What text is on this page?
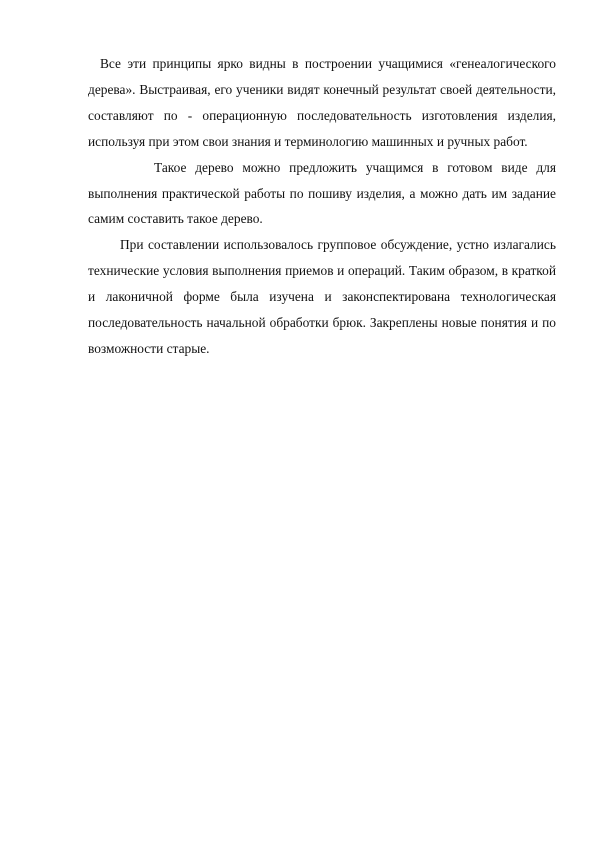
Все эти принципы ярко видны в построении учащимися «генеалогического дерева». Выстраивая, его ученики видят конечный результат своей деятельности, составляют по - операционную последовательность изготовления изделия, используя при этом свои знания и терминологию машинных и ручных работ.

Такое дерево можно предложить учащимся в готовом виде для выполнения практической работы по пошиву изделия, а можно дать им задание самим составить такое дерево.

При составлении использовалось групповое обсуждение, устно излагались технические условия выполнения приемов и операций. Таким образом, в краткой и лаконичной форме была изучена и законспектирована технологическая последовательность начальной обработки брюк. Закреплены новые понятия и по возможности старые.
